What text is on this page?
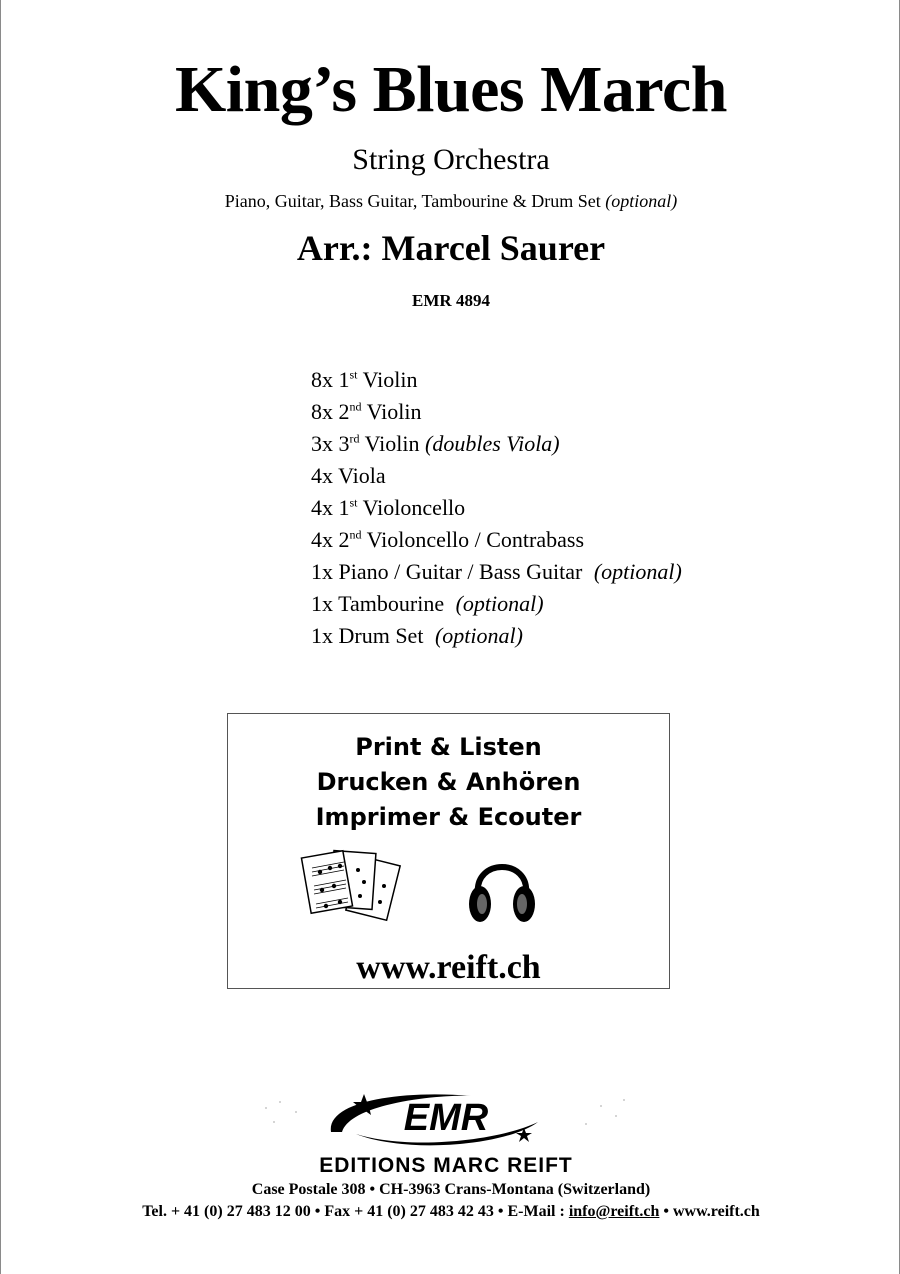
King’s Blues March
String Orchestra
Piano, Guitar, Bass Guitar, Tambourine & Drum Set (optional)
Arr.: Marcel Saurer
EMR 4894
8x 1st Violin
8x 2nd Violin
3x 3rd Violin (doubles Viola)
4x Viola
4x 1st Violoncello
4x 2nd Violoncello / Contrabass
1x Piano / Guitar / Bass Guitar (optional)
1x Tambourine (optional)
1x Drum Set (optional)
Print & Listen
Drucken & Anhören
Imprimer & Ecouter
www.reift.ch
EMR
EDITIONS MARC REIFT
Case Postale 308 • CH-3963 Crans-Montana (Switzerland)
Tel. + 41 (0) 27 483 12 00 • Fax + 41 (0) 27 483 42 43 • E-Mail : info@reift.ch • www.reift.ch
